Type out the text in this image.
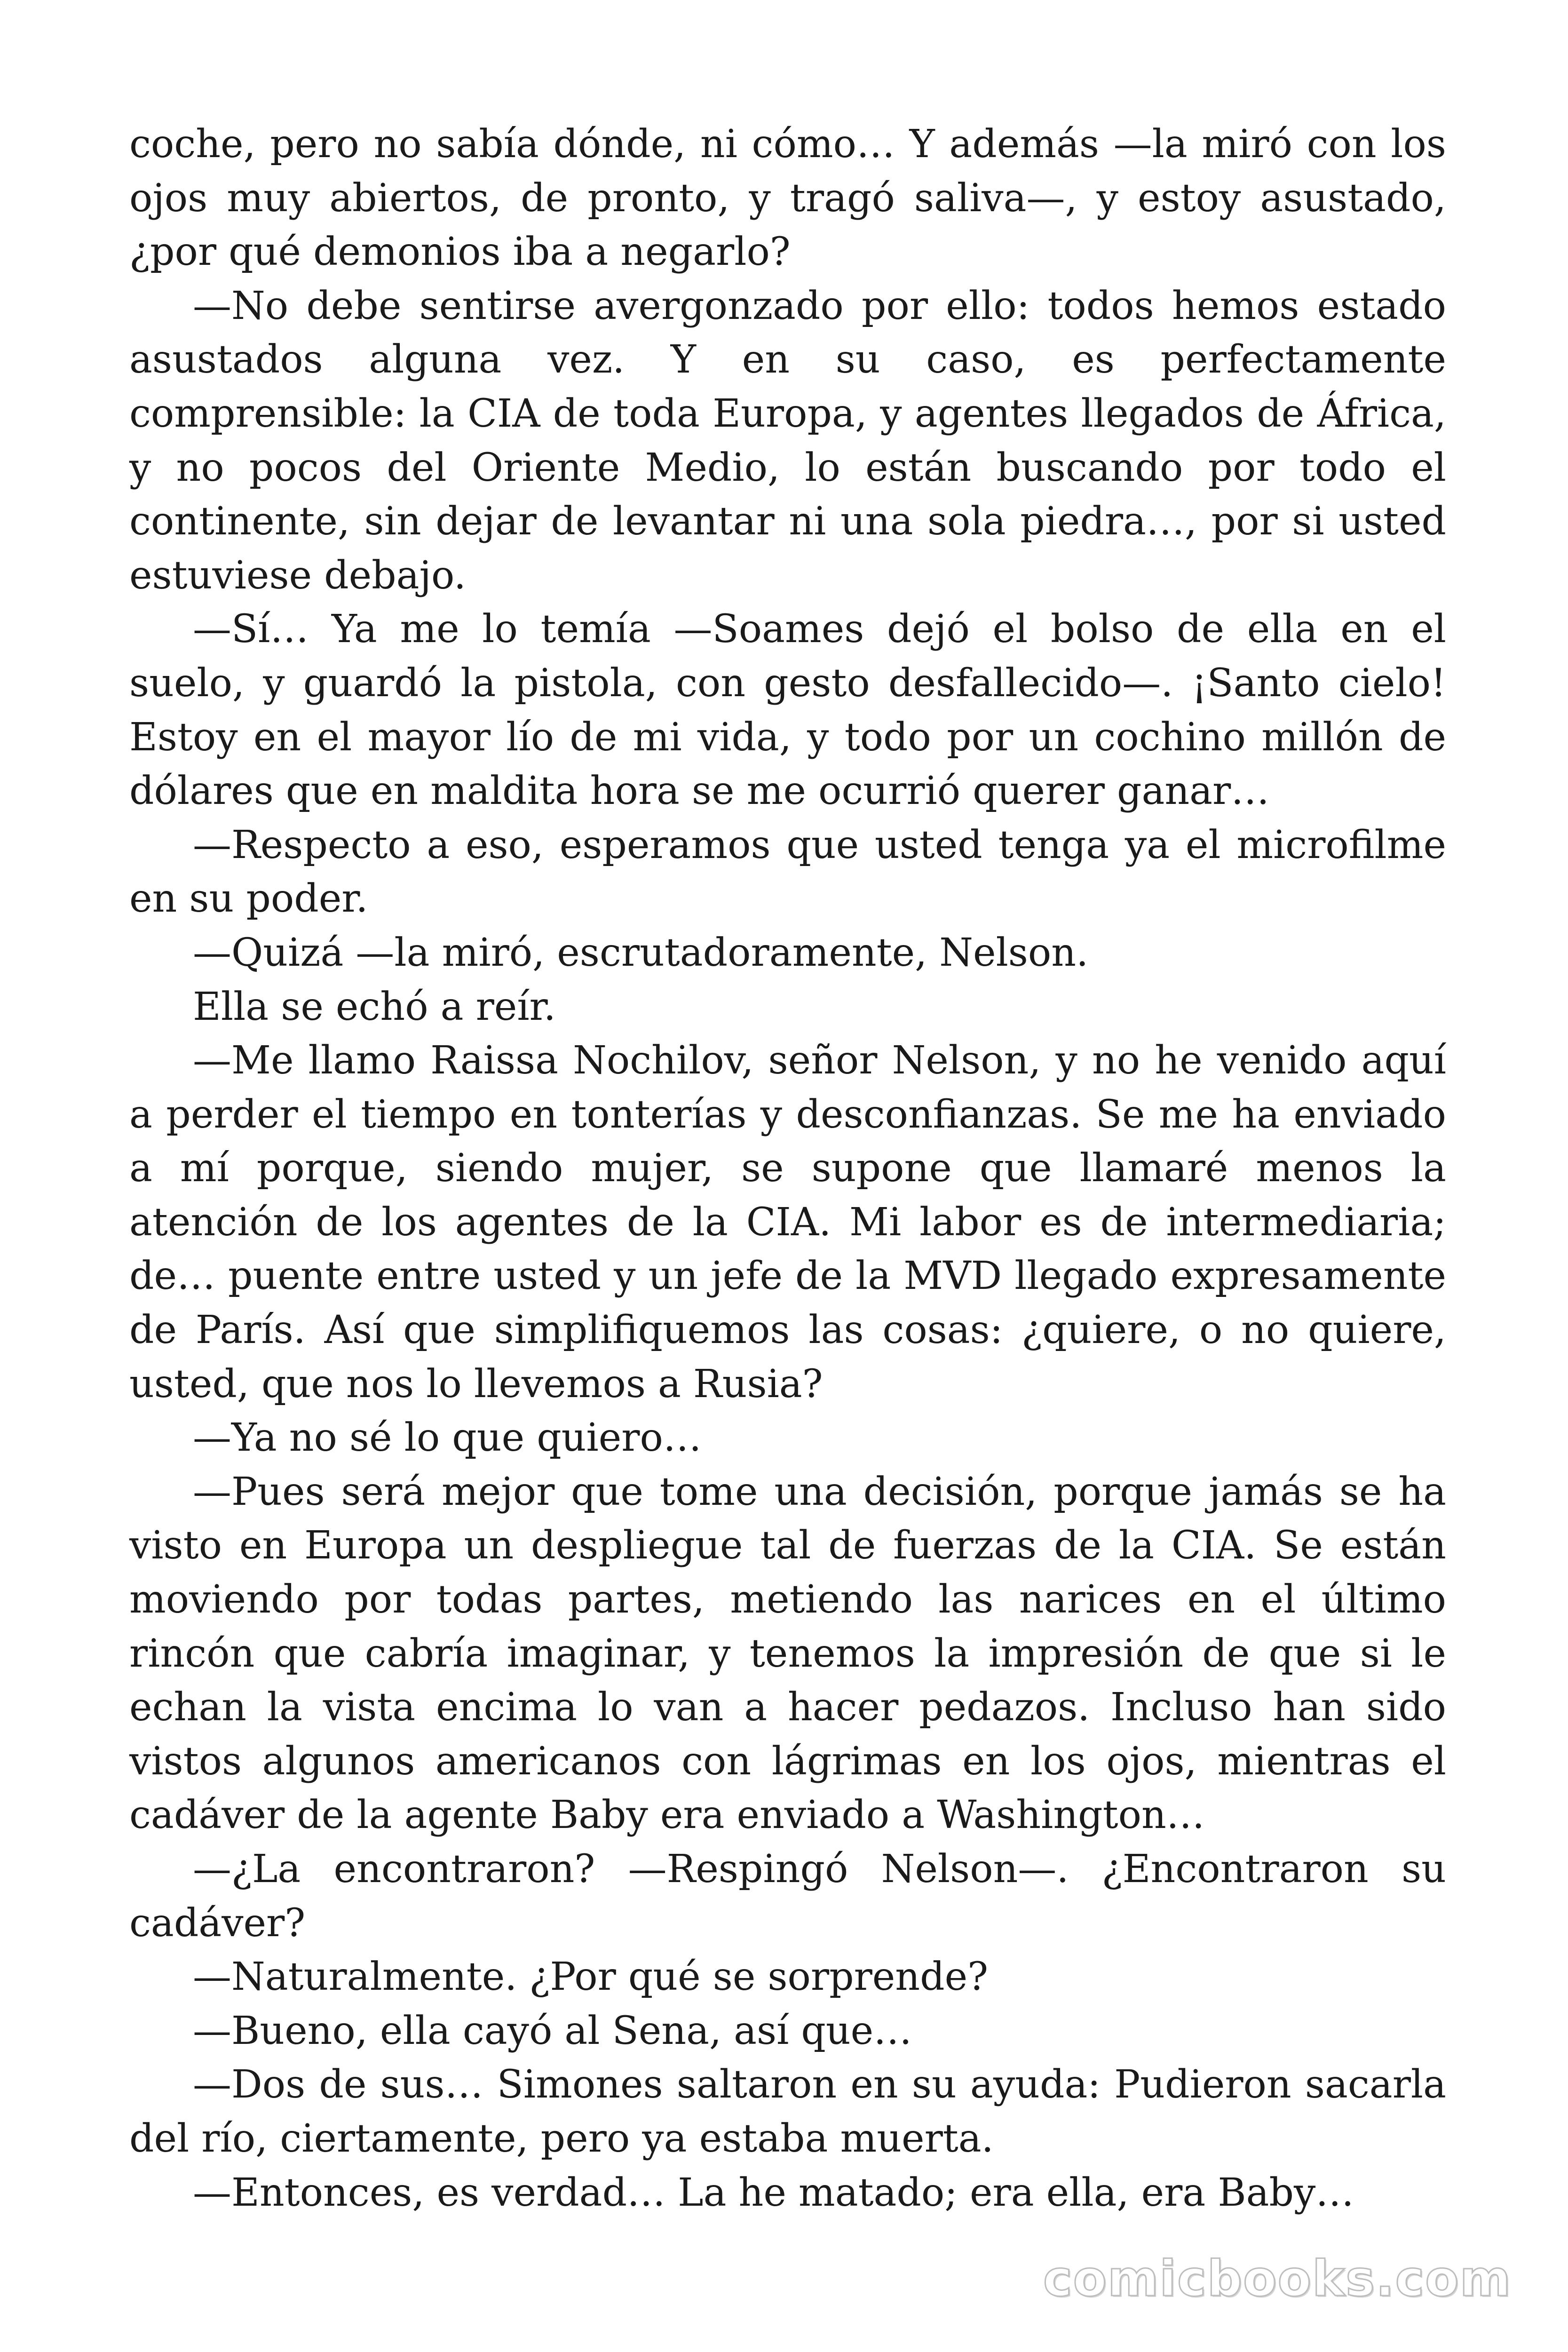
coche, pero no sabía dónde, ni cómo… Y además —la miró con los ojos muy abiertos, de pronto, y tragó saliva—, y estoy asustado, ¿por qué demonios iba a negarlo?

—No debe sentirse avergonzado por ello: todos hemos estado asustados alguna vez. Y en su caso, es perfectamente comprensible: la CIA de toda Europa, y agentes llegados de África, y no pocos del Oriente Medio, lo están buscando por todo el continente, sin dejar de levantar ni una sola piedra…, por si usted estuviese debajo.

—Sí… Ya me lo temía —Soames dejó el bolso de ella en el suelo, y guardó la pistola, con gesto desfallecido—. ¡Santo cielo! Estoy en el mayor lío de mi vida, y todo por un cochino millón de dólares que en maldita hora se me ocurrió querer ganar…

—Respecto a eso, esperamos que usted tenga ya el microfilme en su poder.

—Quizá —la miró, escrutadoramente, Nelson.

Ella se echó a reír.

—Me llamo Raissa Nochilov, señor Nelson, y no he venido aquí a perder el tiempo en tonterías y desconfianzas. Se me ha enviado a mí porque, siendo mujer, se supone que llamaré menos la atención de los agentes de la CIA. Mi labor es de intermediaria; de… puente entre usted y un jefe de la MVD llegado expresamente de París. Así que simplifiquemos las cosas: ¿quiere, o no quiere, usted, que nos lo llevemos a Rusia?

—Ya no sé lo que quiero…

—Pues será mejor que tome una decisión, porque jamás se ha visto en Europa un despliegue tal de fuerzas de la CIA. Se están moviendo por todas partes, metiendo las narices en el último rincón que cabría imaginar, y tenemos la impresión de que si le echan la vista encima lo van a hacer pedazos. Incluso han sido vistos algunos americanos con lágrimas en los ojos, mientras el cadáver de la agente Baby era enviado a Washington…

—¿La encontraron? —Respingó Nelson—. ¿Encontraron su cadáver?

—Naturalmente. ¿Por qué se sorprende?

—Bueno, ella cayó al Sena, así que…

—Dos de sus… Simones saltaron en su ayuda: Pudieron sacarla del río, ciertamente, pero ya estaba muerta.

—Entonces, es verdad… La he matado; era ella, era Baby…

comicbooks.com
